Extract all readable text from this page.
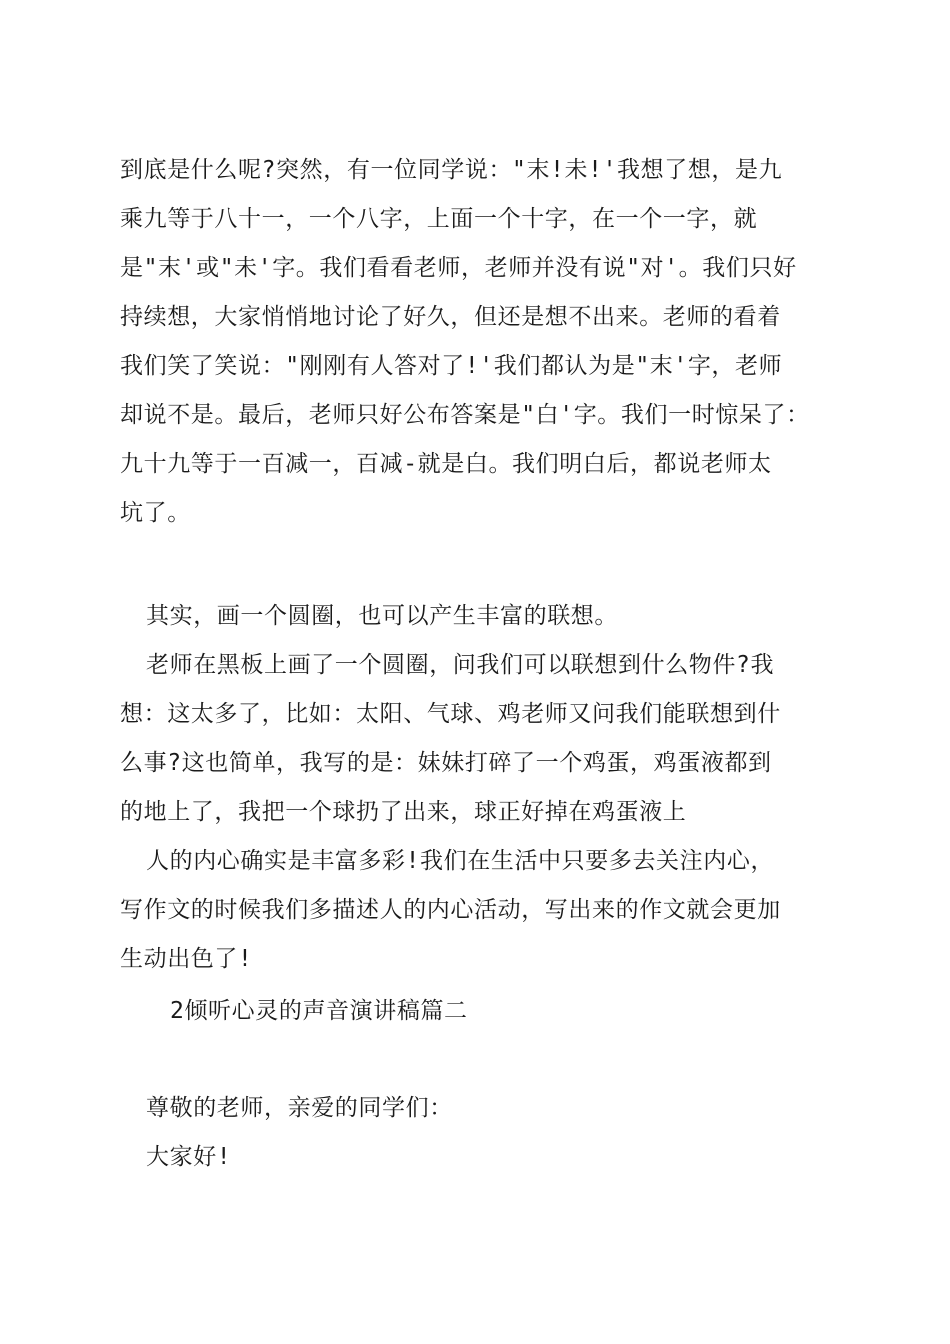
到底是什么呢?突然，有一位同学说："末!未!'我想了想，是九
乘九等于八十一，一个八字，上面一个十字，在一个一字，就
是"末'或"未'字。我们看看老师，老师并没有说"对'。我们只好
持续想，大家悄悄地讨论了好久，但还是想不出来。老师的看着
我们笑了笑说："刚刚有人答对了!'我们都认为是"末'字，老师
却说不是。最后，老师只好公布答案是"白'字。我们一时惊呆了：
九十九等于一百减一，百减-就是白。我们明白后，都说老师太
坑了。
其实，画一个圆圈，也可以产生丰富的联想。
老师在黑板上画了一个圆圈，问我们可以联想到什么物件?我
想：这太多了，比如：太阳、气球、鸡老师又问我们能联想到什
么事?这也简单，我写的是：妹妹打碎了一个鸡蛋，鸡蛋液都到
的地上了，我把一个球扔了出来，球正好掉在鸡蛋液上
人的内心确实是丰富多彩!我们在生活中只要多去关注内心，
写作文的时候我们多描述人的内心活动，写出来的作文就会更加
生动出色了!
2倾听心灵的声音演讲稿篇二
尊敬的老师，亲爱的同学们：
大家好!
